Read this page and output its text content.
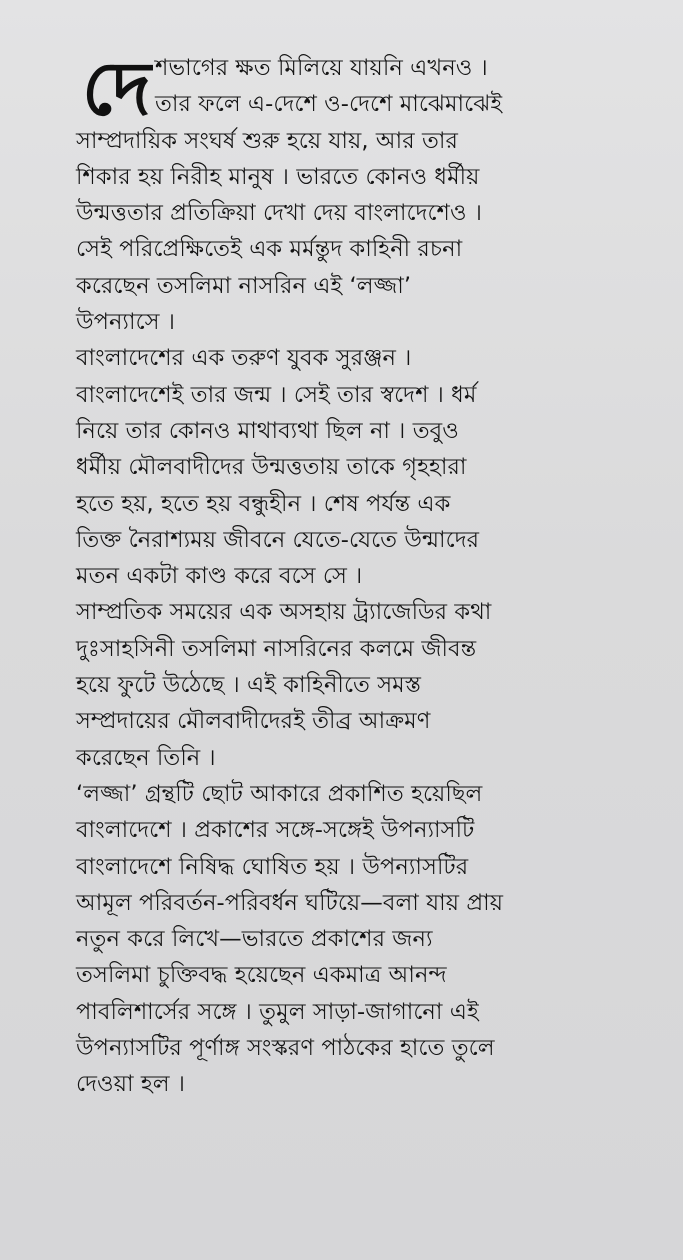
দে শভাগের ক্ষত মিলিয়ে যায়নি এখনও ।
তার ফলে এ-দেশে ও-দেশে মাঝেমাঝেই
সাম্প্রদায়িক সংঘর্ষ শুরু হয়ে যায়, আর তার
শিকার হয় নিরীহ মানুষ । ভারতে কোনও ধর্মীয়
উন্মত্ততার প্রতিক্রিয়া দেখা দেয় বাংলাদেশেও ।
সেই পরিপ্রেক্ষিতেই এক মর্মন্তুদ কাহিনী রচনা
করেছেন তসলিমা নাসরিন এই ‘লজ্জা’
উপন্যাসে ।
বাংলাদেশের এক তরুণ যুবক সুরঞ্জন ।
বাংলাদেশেই তার জন্ম । সেই তার স্বদেশ । ধর্ম
নিয়ে তার কোনও মাথাব্যথা ছিল না । তবুও
ধর্মীয় মৌলবাদীদের উন্মত্ততায় তাকে গৃহহারা
হতে হয়, হতে হয় বন্ধুহীন । শেষ পর্যন্ত এক
তিক্ত নৈরাশ্যময় জীবনে যেতে-যেতে উন্মাদের
মতন একটা কাণ্ড করে বসে সে ।
সাম্প্রতিক সময়ের এক অসহায় ট্র্যাজেডির কথা
দুঃসাহসিনী তসলিমা নাসরিনের কলমে জীবন্ত
হয়ে ফুটে উঠেছে । এই কাহিনীতে সমস্ত
সম্প্রদায়ের মৌলবাদীদেরই তীব্র আক্রমণ
করেছেন তিনি ।
‘লজ্জা’ গ্রন্থটি ছোট আকারে প্রকাশিত হয়েছিল
বাংলাদেশে । প্রকাশের সঙ্গে-সঙ্গেই উপন্যাসটি
বাংলাদেশে নিষিদ্ধ ঘোষিত হয় । উপন্যাসটির
আমূল পরিবর্তন-পরিবর্ধন ঘটিয়ে—বলা যায় প্রায়
নতুন করে লিখে—ভারতে প্রকাশের জন্য
তসলিমা চুক্তিবদ্ধ হয়েছেন একমাত্র আনন্দ
পাবলিশার্সের সঙ্গে । তুমুল সাড়া-জাগানো এই
উপন্যাসটির পূর্ণাঙ্গ সংস্করণ পাঠকের হাতে তুলে
দেওয়া হল ।
